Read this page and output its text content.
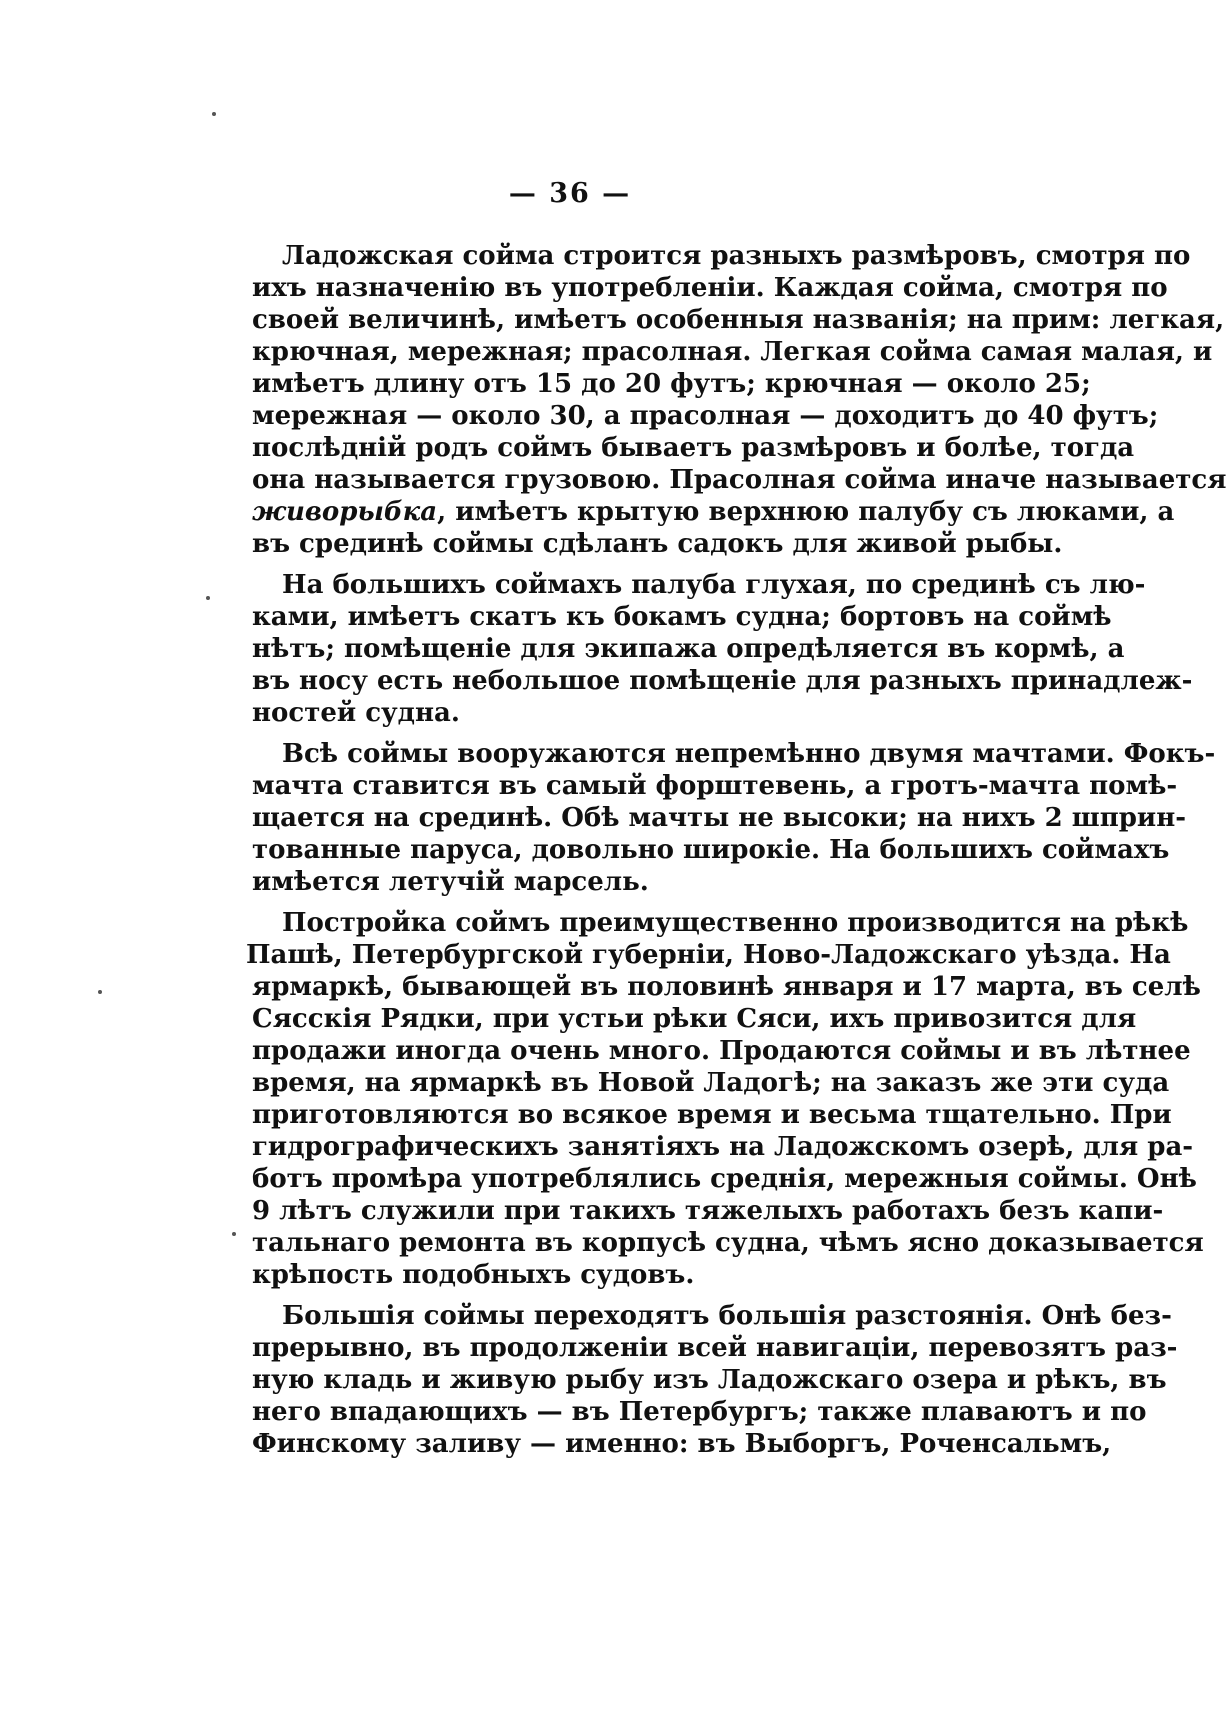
— 36 —
Ладожская сойма строится разныхъ размѣровъ, смотря по
ихъ назначенію въ употребленіи. Каждая сойма, смотря по
своей величинѣ, имѣетъ особенныя названія; на прим: легкая,
крючная, мережная; прасолная. Легкая сойма самая малая, и
имѣетъ длину отъ 15 до 20 футъ; крючная — около 25;
мережная — около 30, а прасолная — доходитъ до 40 футъ;
послѣдній родъ соймъ бываетъ размѣровъ и болѣе, тогда
она называется грузовою. Прасолная сойма иначе называется
живорыбка, имѣетъ крытую верхнюю палубу съ люками, а
въ срединѣ соймы сдѣланъ садокъ для живой рыбы.
На большихъ соймахъ палуба глухая, по срединѣ съ лю-
ками, имѣетъ скатъ къ бокамъ судна; бортовъ на соймѣ
нѣтъ; помѣщеніе для экипажа опредѣляется въ кормѣ, а
въ носу есть небольшое помѣщеніе для разныхъ принадлеж-
ностей судна.
Всѣ соймы вооружаются непремѣнно двумя мачтами. Фокъ-
мачта ставится въ самый форштевень, а гротъ-мачта помѣ-
щается на срединѣ. Обѣ мачты не высоки; на нихъ 2 шприн-
тованные паруса, довольно широкіе. На большихъ соймахъ
имѣется летучій марсель.
Постройка соймъ преимущественно производится на рѣкѣ
Пашѣ, Петербургской губерніи, Ново-Ладожскаго уѣзда. На
ярмаркѣ, бывающей въ половинѣ января и 17 марта, въ селѣ
Сясскія Рядки, при устьи рѣки Сяси, ихъ привозится для
продажи иногда очень много. Продаются соймы и въ лѣтнее
время, на ярмаркѣ въ Новой Ладогѣ; на заказъ же эти суда
приготовляются во всякое время и весьма тщательно. При
гидрографическихъ занятіяхъ на Ладожскомъ озерѣ, для ра-
ботъ промѣра употреблялись среднія, мережныя соймы. Онѣ
9 лѣтъ служили при такихъ тяжелыхъ работахъ безъ капи-
тальнаго ремонта въ корпусѣ судна, чѣмъ ясно доказывается
крѣпость подобныхъ судовъ.
Большія соймы переходятъ большія разстоянія. Онѣ без-
прерывно, въ продолженіи всей навигаціи, перевозятъ раз-
ную кладь и живую рыбу изъ Ладожскаго озера и рѣкъ, въ
него впадающихъ — въ Петербургъ; также плаваютъ и по
Финскому заливу — именно: въ Выборгъ, Роченсальмъ,
